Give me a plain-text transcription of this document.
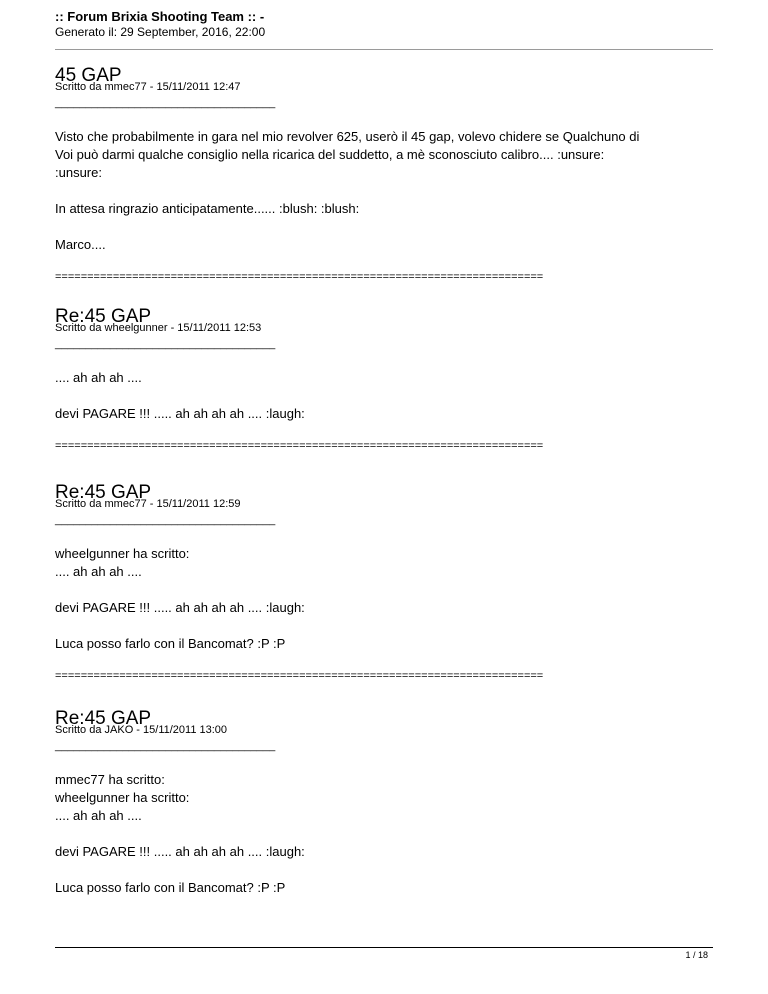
:: Forum Brixia Shooting Team :: -
Generato il: 29 September, 2016, 22:00
45 GAP
Scritto da mmec77 - 15/11/2011 12:47
____________________________________
Visto che probabilmente in gara nel mio revolver 625, userò il 45 gap, volevo chidere se Qualchuno di
Voi può darmi qualche consiglio nella ricarica del suddetto, a mè sconosciuto calibro.... :unsure:
:unsure:
In attesa ringrazio anticipatamente...... :blush: :blush:
Marco....
============================================================================
Re:45 GAP
Scritto da wheelgunner - 15/11/2011 12:53
____________________________________
.... ah ah ah ....
devi PAGARE !!! ..... ah ah ah ah .... :laugh:
============================================================================
Re:45 GAP
Scritto da mmec77 - 15/11/2011 12:59
____________________________________
wheelgunner ha scritto:
.... ah ah ah ....
devi PAGARE !!! ..... ah ah ah ah .... :laugh:
Luca posso farlo con il Bancomat? :P :P
============================================================================
Re:45 GAP
Scritto da JAKO - 15/11/2011 13:00
____________________________________
mmec77 ha scritto:
wheelgunner ha scritto:
.... ah ah ah ....
devi PAGARE !!! ..... ah ah ah ah .... :laugh:
Luca posso farlo con il Bancomat? :P :P
1 / 18
